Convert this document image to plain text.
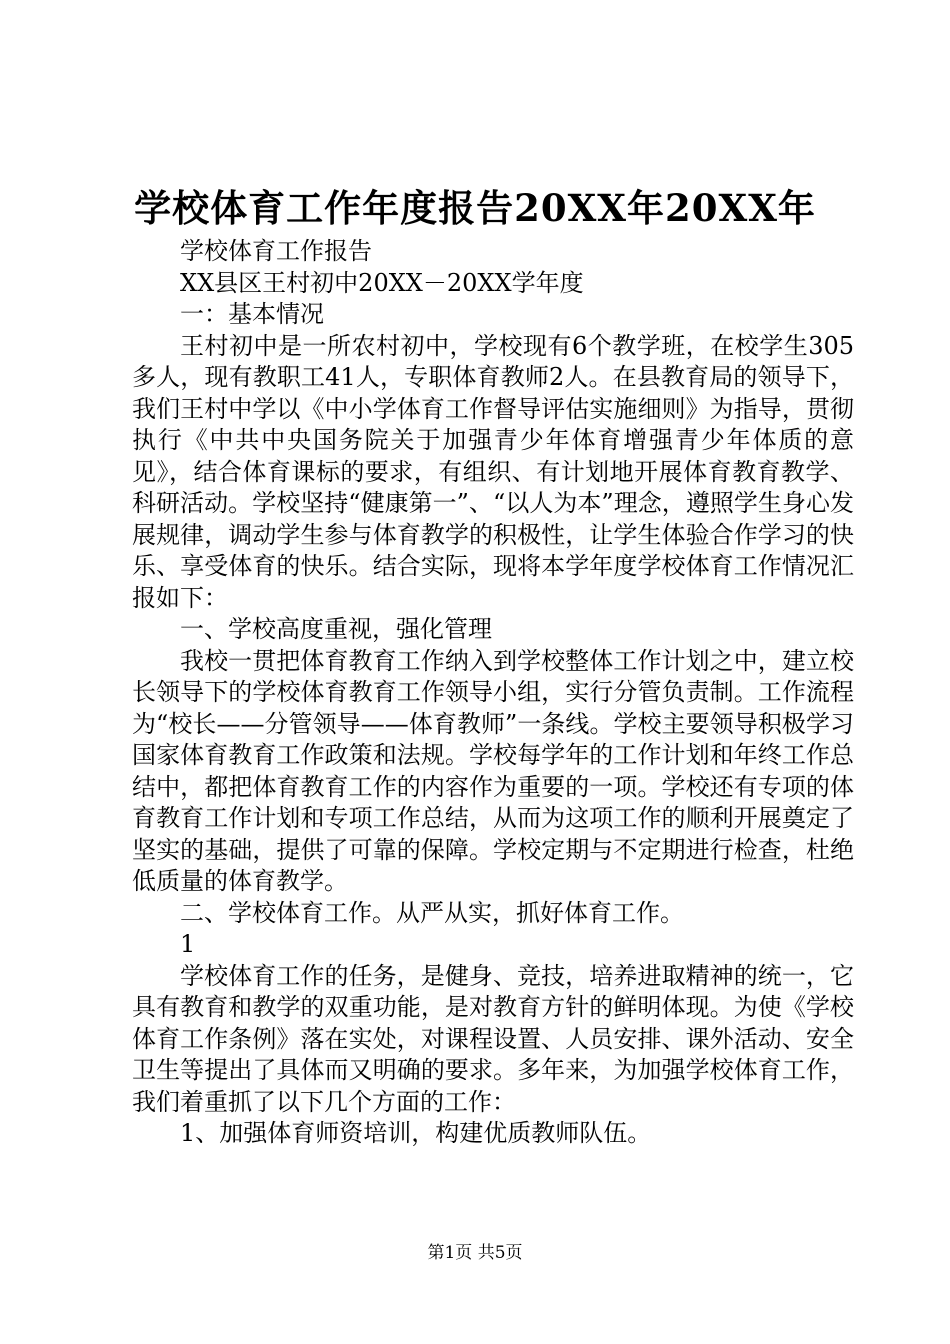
学校体育工作年度报告20XX年20XX年

学校体育工作报告

XX县区王村初中20XX－20XX学年度

一：基本情况

王村初中是一所农村初中，学校现有6个教学班，在校学生305多人，现有教职工41人，专职体育教师2人。在县教育局的领导下，我们王村中学以《中小学体育工作督导评估实施细则》为指导，贯彻执行《中共中央国务院关于加强青少年体育增强青少年体质的意见》，结合体育课标的要求，有组织、有计划地开展体育教育教学、科研活动。学校坚持“健康第一”、“以人为本”理念，遵照学生身心发展规律，调动学生参与体育教学的积极性，让学生体验合作学习的快乐、享受体育的快乐。结合实际，现将本学年度学校体育工作情况汇报如下：

一、学校高度重视，强化管理

我校一贯把体育教育工作纳入到学校整体工作计划之中，建立校长领导下的学校体育教育工作领导小组，实行分管负责制。工作流程为“校长——分管领导——体育教师”一条线。学校主要领导积极学习国家体育教育工作政策和法规。学校每学年的工作计划和年终工作总结中，都把体育教育工作的内容作为重要的一项。学校还有专项的体育教育工作计划和专项工作总结，从而为这项工作的顺利开展奠定了坚实的基础，提供了可靠的保障。学校定期与不定期进行检查，杜绝低质量的体育教学。

二、学校体育工作。从严从实，抓好体育工作。

1

学校体育工作的任务，是健身、竞技，培养进取精神的统一，它具有教育和教学的双重功能，是对教育方针的鲜明体现。为使《学校体育工作条例》落在实处，对课程设置、人员安排、课外活动、安全卫生等提出了具体而又明确的要求。多年来，为加强学校体育工作，我们着重抓了以下几个方面的工作：

1、加强体育师资培训，构建优质教师队伍。

第1页 共5页
